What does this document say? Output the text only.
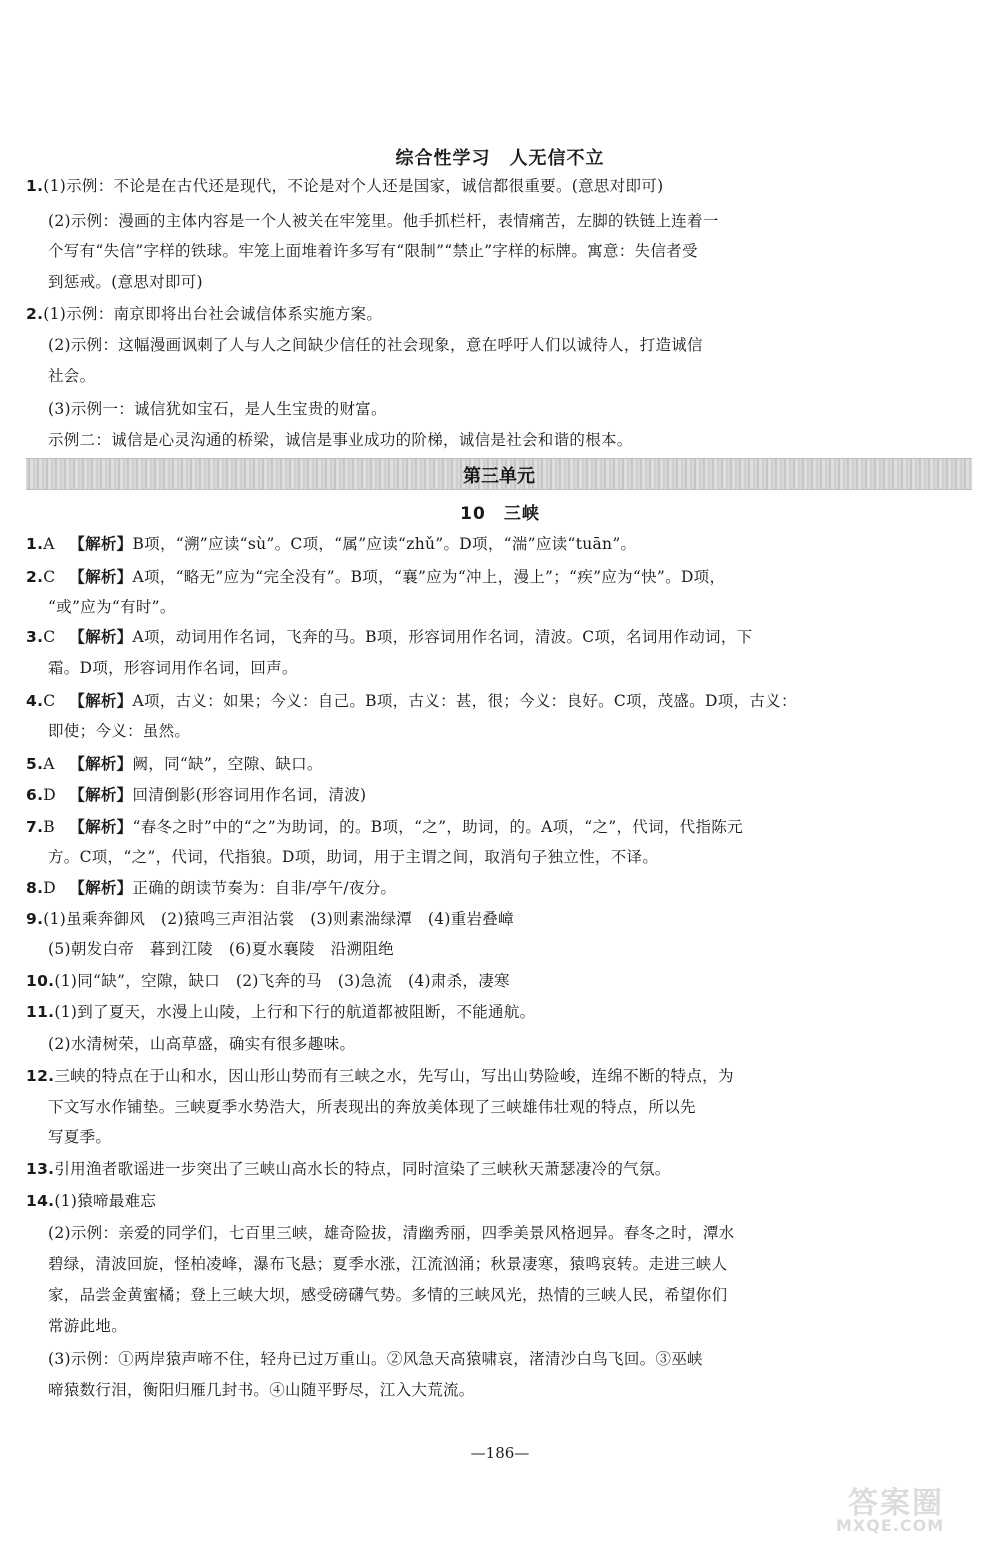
综合性学习　人无信不立
1.(1)示例：不论是在古代还是现代，不论是对个人还是国家，诚信都很重要。(意思对即可)
(2)示例：漫画的主体内容是一个人被关在牢笼里。他手抓栏杆，表情痛苦，左脚的铁链上连着一
个写有“失信”字样的铁球。牢笼上面堆着许多写有“限制”“禁止”字样的标牌。寓意：失信者受
到惩戒。(意思对即可)
2.(1)示例：南京即将出台社会诚信体系实施方案。
(2)示例：这幅漫画讽刺了人与人之间缺少信任的社会现象，意在呼吁人们以诚待人，打造诚信
社会。
(3)示例一：诚信犹如宝石，是人生宝贵的财富。
示例二：诚信是心灵沟通的桥梁，诚信是事业成功的阶梯，诚信是社会和谐的根本。
第三单元
10　三峡
1.A 【解析】B项，“溯”应读“sù”。C项，“属”应读“zhǔ”。D项，“湍”应读“tuān”。
2.C 【解析】A项，“略无”应为“完全没有”。B项，“襄”应为“冲上，漫上”；“疾”应为“快”。D项，
“或”应为“有时”。
3.C 【解析】A项，动词用作名词，飞奔的马。B项，形容词用作名词，清波。C项，名词用作动词，下
霜。D项，形容词用作名词，回声。
4.C 【解析】A项，古义：如果；今义：自己。B项，古义：甚，很；今义：良好。C项，茂盛。D项，古义：
即使；今义：虽然。
5.A 【解析】阙，同“缺”，空隙、缺口。
6.D 【解析】回清倒影(形容词用作名词，清波)
7.B 【解析】“春冬之时”中的“之”为助词，的。B项，“之”，助词，的。A项，“之”，代词，代指陈元
方。C项，“之”，代词，代指狼。D项，助词，用于主谓之间，取消句子独立性，不译。
8.D 【解析】正确的朗读节奏为：自非/亭午/夜分。
9.(1)虽乘奔御风　(2)猿鸣三声泪沾裳　(3)则素湍绿潭　(4)重岩叠嶂
(5)朝发白帝　暮到江陵　(6)夏水襄陵　沿溯阻绝
10.(1)同“缺”，空隙，缺口　(2)飞奔的马　(3)急流　(4)肃杀，凄寒
11.(1)到了夏天，水漫上山陵，上行和下行的航道都被阻断，不能通航。
(2)水清树荣，山高草盛，确实有很多趣味。
12.三峡的特点在于山和水，因山形山势而有三峡之水，先写山，写出山势险峻，连绵不断的特点，为
下文写水作铺垫。三峡夏季水势浩大，所表现出的奔放美体现了三峡雄伟壮观的特点，所以先
写夏季。
13.引用渔者歌谣进一步突出了三峡山高水长的特点，同时渲染了三峡秋天萧瑟凄冷的气氛。
14.(1)猿啼最难忘
(2)示例：亲爱的同学们，七百里三峡，雄奇险拔，清幽秀丽，四季美景风格迥异。春冬之时，潭水
碧绿，清波回旋，怪柏凌峰，瀑布飞悬；夏季水涨，江流汹涌；秋景凄寒，猿鸣哀转。走进三峡人
家，品尝金黄蜜橘；登上三峡大坝，感受磅礴气势。多情的三峡风光，热情的三峡人民，希望你们
常游此地。
(3)示例：①两岸猿声啼不住，轻舟已过万重山。②风急天高猿啸哀，渚清沙白鸟飞回。③巫峡
啼猿数行泪，衡阳归雁几封书。④山随平野尽，江入大荒流。
—186—
答案圈
MXQE.COM
